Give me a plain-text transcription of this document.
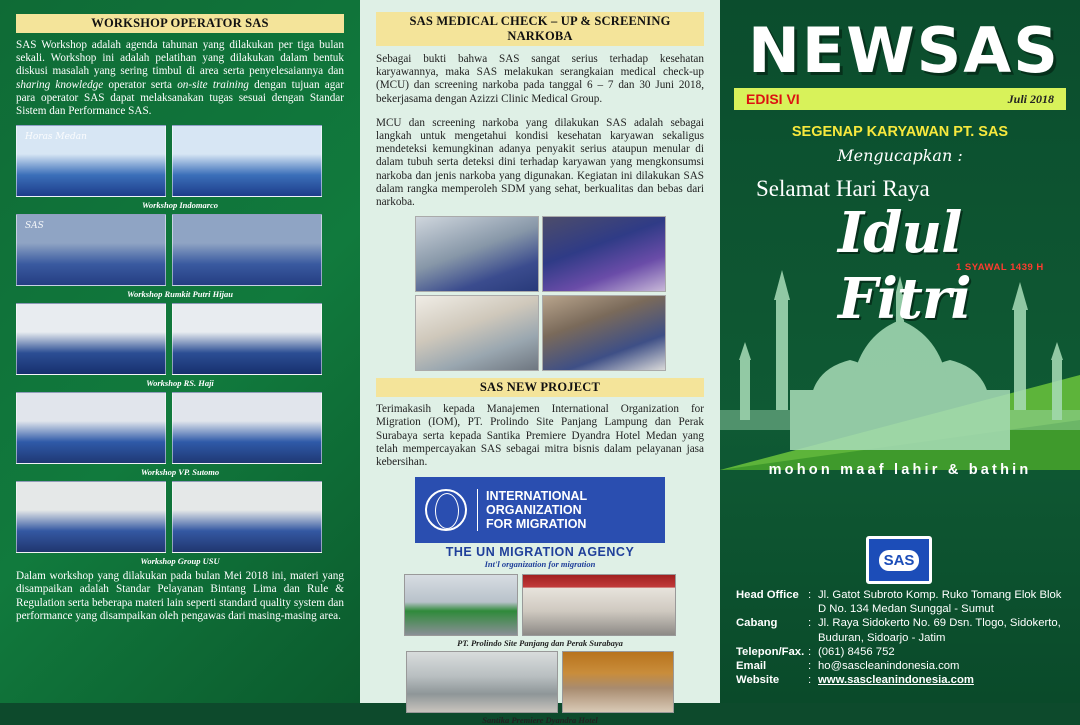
WORKSHOP OPERATOR SAS

SAS Workshop adalah agenda tahunan yang dilakukan per tiga bulan sekali. Workshop ini adalah pelatihan yang dilakukan dalam bentuk diskusi masalah yang sering timbul di area serta penyelesaiannya dan sharing knowledge operator serta on-site training dengan tujuan agar para operator SAS dapat melaksanakan tugas sesuai dengan Standar Sistem dan Performance SAS.

Horas Medan
Workshop Indomarco
SAS
Workshop Rumkit Putri Hijau
Workshop RS. Haji
Workshop VP. Sutomo
Workshop Group USU

Dalam workshop yang dilakukan pada bulan Mei 2018 ini, materi yang disampaikan adalah Standar Pelayanan Bintang Lima dan Rule & Regulation serta beberapa materi lain seperti standard quality system dan performance yang disampaikan oleh pengawas dari masing-masing area.

SAS MEDICAL CHECK – UP & SCREENING NARKOBA

Sebagai bukti bahwa SAS sangat serius terhadap kesehatan karyawannya, maka SAS melakukan serangkaian medical check-up (MCU) dan screening narkoba pada tanggal 6 – 7 dan 30 Juni 2018, bekerjasama dengan Azizzi Clinic Medical Group.

MCU dan screening narkoba yang dilakukan SAS adalah sebagai langkah untuk mengetahui kondisi kesehatan karyawan sekaligus mendeteksi kemungkinan adanya penyakit serius ataupun menular di dalam tubuh serta deteksi dini terhadap karyawan yang mengkonsumsi narkoba dan jenis narkoba yang digunakan. Kegiatan ini dilakukan SAS dalam rangka memperoleh SDM yang sehat, berkualitas dan bebas dari narkoba.

SAS NEW PROJECT

Terimakasih kepada Manajemen International Organization for Migration (IOM), PT. Prolindo Site Panjang Lampung dan Perak Surabaya serta kepada Santika Premiere Dyandra Hotel Medan yang telah mempercayakan SAS sebagai mitra bisnis dalam pelayanan jasa kebersihan.

INTERNATIONAL
ORGANIZATION
FOR MIGRATION
THE UN MIGRATION AGENCY
Int'l organization for migration
PT. Prolindo Site Panjang dan Perak Surabaya
Santika Premiere Dyandra Hotel
NEWSAS
EDISI VI	Juli 2018
SEGENAP KARYAWAN PT. SAS
Mengucapkan :
Selamat Hari Raya
Idul Fitri
1 SYAWAL 1439 H
mohon maaf lahir & bathin
SAS
Head Office : Jl. Gatot Subroto Komp. Ruko Tomang Elok Blok D No. 134 Medan Sunggal - Sumut
Cabang	: Jl. Raya Sidokerto No. 69 Dsn. Tlogo, Sidokerto, Buduran, Sidoarjo - Jatim
Telepon/Fax. : (061) 8456 752
Email	: ho@sascleanindonesia.com
Website	: www.sascleanindonesia.com
